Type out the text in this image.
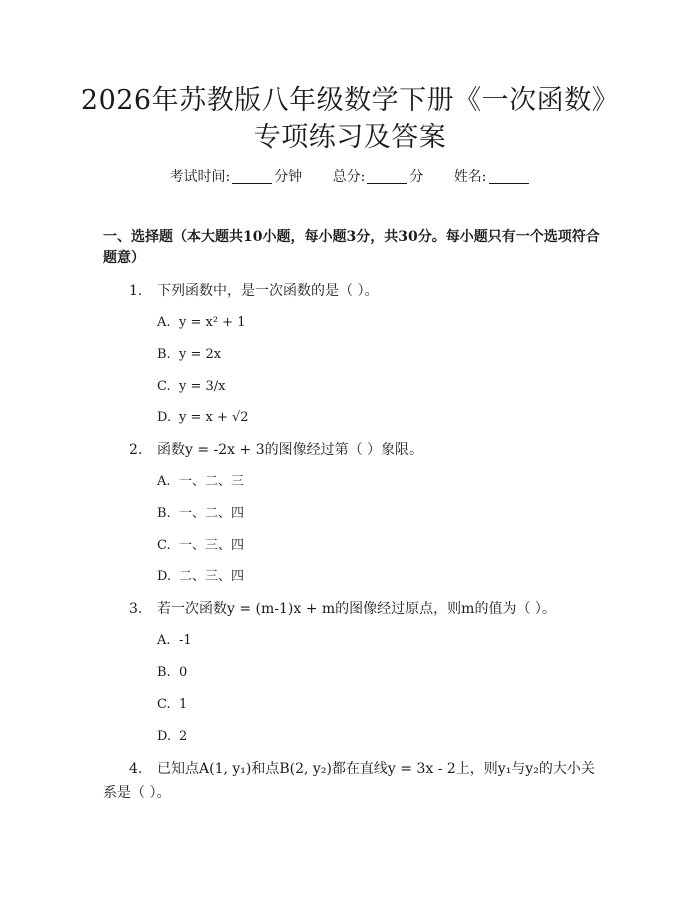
2026年苏教版八年级数学下册《一次函数》
专项练习及答案
考试时间:	分钟 总分:	分 姓名:
一、选择题（本大题共10小题，每小题3分，共30分。每小题只有一个选项符合题意）
1. 下列函数中，是一次函数的是（ ）。
A. y = x² + 1
B. y = 2x
C. y = 3/x
D. y = x + √2
2. 函数y = -2x + 3的图像经过第（ ）象限。
A. 一、二、三
B. 一、二、四
C. 一、三、四
D. 二、三、四
3. 若一次函数y = (m-1)x + m的图像经过原点，则m的值为（ ）。
A. -1
B. 0
C. 1
D. 2
4. 已知点A(1, y₁)和点B(2, y₂)都在直线y = 3x - 2上，则y₁与y₂的大小关系是（ ）。
